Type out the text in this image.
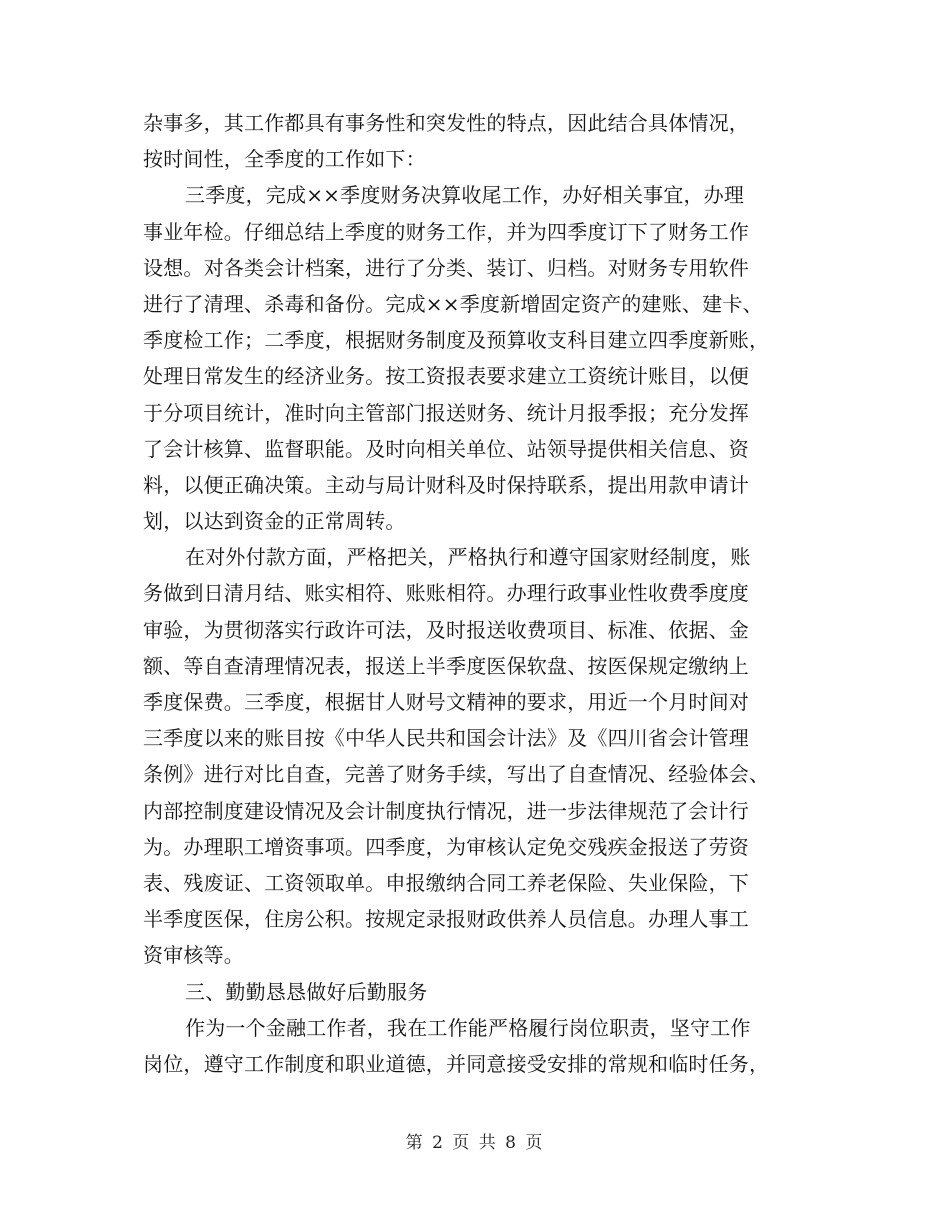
杂事多，其工作都具有事务性和突发性的特点，因此结合具体情况，
按时间性，全季度的工作如下：
三季度，完成××季度财务决算收尾工作，办好相关事宜，办理
事业年检。仔细总结上季度的财务工作，并为四季度订下了财务工作
设想。对各类会计档案，进行了分类、装订、归档。对财务专用软件
进行了清理、杀毒和备份。完成××季度新增固定资产的建账、建卡、
季度检工作；二季度，根据财务制度及预算收支科目建立四季度新账，
处理日常发生的经济业务。按工资报表要求建立工资统计账目，以便
于分项目统计，准时向主管部门报送财务、统计月报季报；充分发挥
了会计核算、监督职能。及时向相关单位、站领导提供相关信息、资
料，以便正确决策。主动与局计财科及时保持联系，提出用款申请计
划，以达到资金的正常周转。
在对外付款方面，严格把关，严格执行和遵守国家财经制度，账
务做到日清月结、账实相符、账账相符。办理行政事业性收费季度度
审验，为贯彻落实行政许可法，及时报送收费项目、标准、依据、金
额、等自查清理情况表，报送上半季度医保软盘、按医保规定缴纳上
季度保费。三季度，根据甘人财号文精神的要求，用近一个月时间对
三季度以来的账目按《中华人民共和国会计法》及《四川省会计管理
条例》进行对比自查，完善了财务手续，写出了自查情况、经验体会、
内部控制度建设情况及会计制度执行情况，进一步法律规范了会计行
为。办理职工增资事项。四季度，为审核认定免交残疾金报送了劳资
表、残废证、工资领取单。申报缴纳合同工养老保险、失业保险，下
半季度医保，住房公积。按规定录报财政供养人员信息。办理人事工
资审核等。
三、勤勤恳恳做好后勤服务
作为一个金融工作者，我在工作能严格履行岗位职责，坚守工作
岗位，遵守工作制度和职业道德，并同意接受安排的常规和临时任务，
第 2 页 共 8 页
